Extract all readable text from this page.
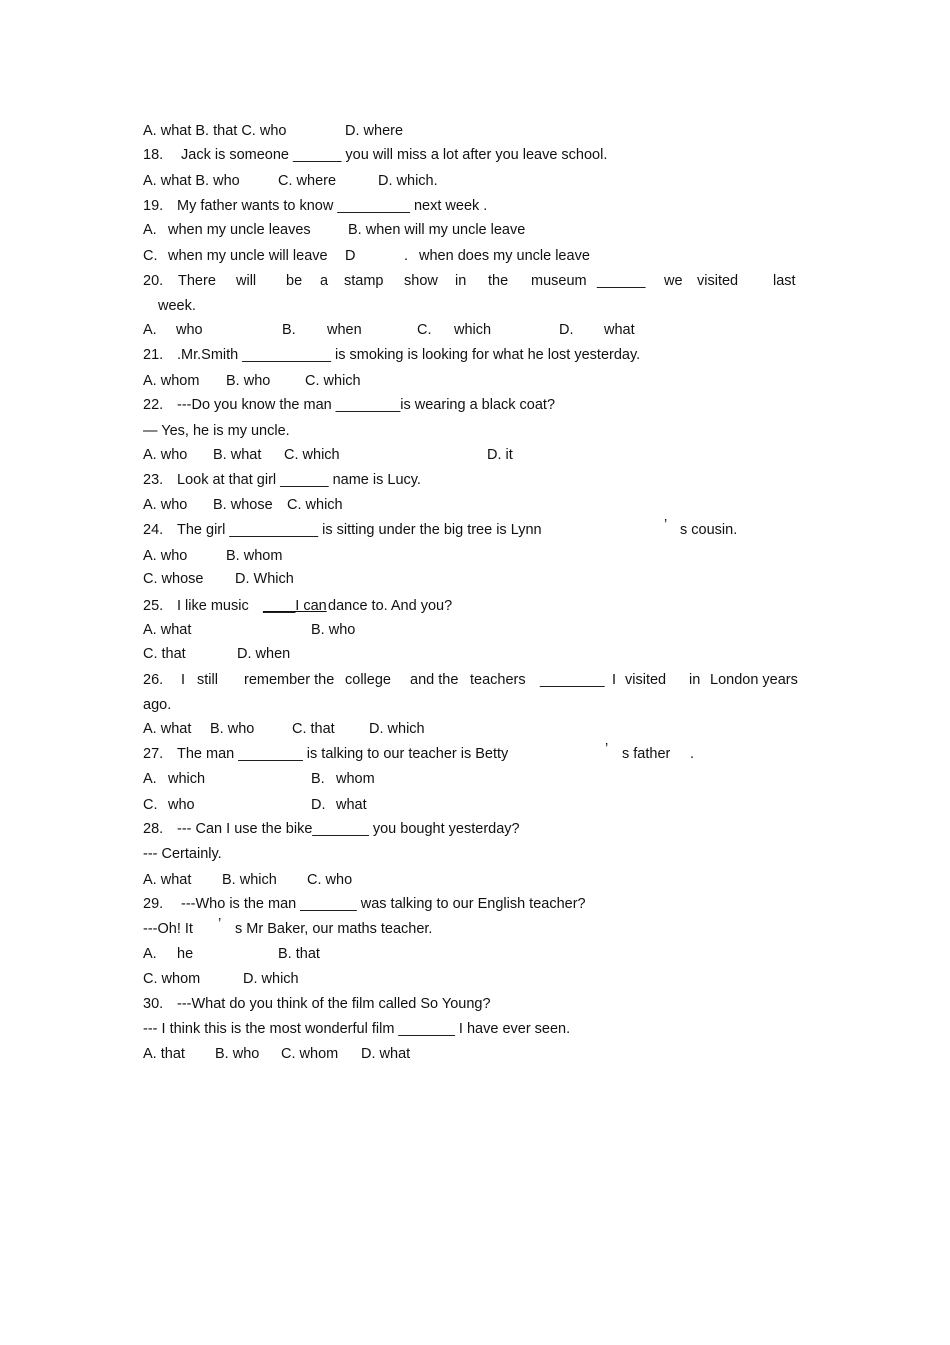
A. what B. that C. who	D. where
18. Jack is someone ______ you will miss a lot after you leave school.
A. what B. who	C. where	D. which.
19. My father wants to know _________ next week .
A. when my uncle leaves	B. when will my uncle leave
C. when my uncle will leave D	. when does my uncle leave
20. There will be a stamp show in the museum ______ we visited last
week.
A. who	B. when	C. which	D. what
21. .Mr.Smith ___________ is smoking is looking for what he lost yesterday.
A. whom B. who C. which
22. ---Do you know the man ________is wearing a black coat?
— Yes, he is my uncle.
A. who B. what C. which	D. it
23. Look at that girl ______ name is Lucy.
A. who B. whose C. which
24. The girl ___________ is sitting under the big tree is Lynn	’ s cousin.
A. who	B. whom
C. whose D. Which
25. I like music ____I can dance to. And you?
A. what	B. who
C. that	D. when
26. I still remember the college and the teachers ________ I visited in London years
ago.
A. what B. who	C. that D. which
27. The man ________ is talking to our teacher is Betty	’ s father .
A. which	B. whom
C. who	D. what
28. --- Can I use the bike_______ you bought yesterday?
--- Certainly.
A. what B. which C. who
29. ---Who is the man _______ was talking to our English teacher?
---Oh! It ’ s Mr Baker, our maths teacher.
A. he	B. that
C. whom	D. which
30. ---What do you think of the film called So Young?
--- I think this is the most wonderful film _______ I have ever seen.
A. that B. who C. whom D. what
